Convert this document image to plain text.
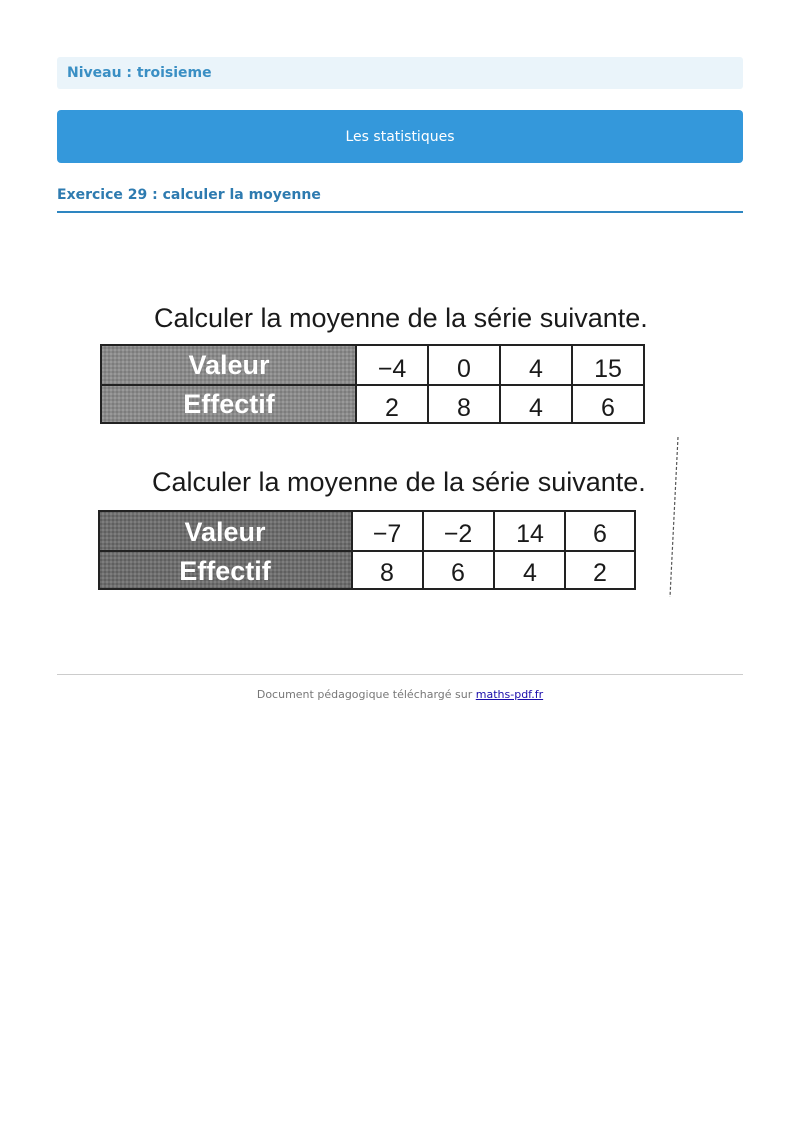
Niveau : troisieme
Les statistiques
Exercice 29 : calculer la moyenne
Calculer la moyenne de la série suivante.
Valeur
Effectif
−4 0 4 15
2 8 4 6
Calculer la moyenne de la série suivante.
Valeur
Effectif
−7 −2 14 6
8 6 4 2
Document pédagogique téléchargé sur maths-pdf.fr
